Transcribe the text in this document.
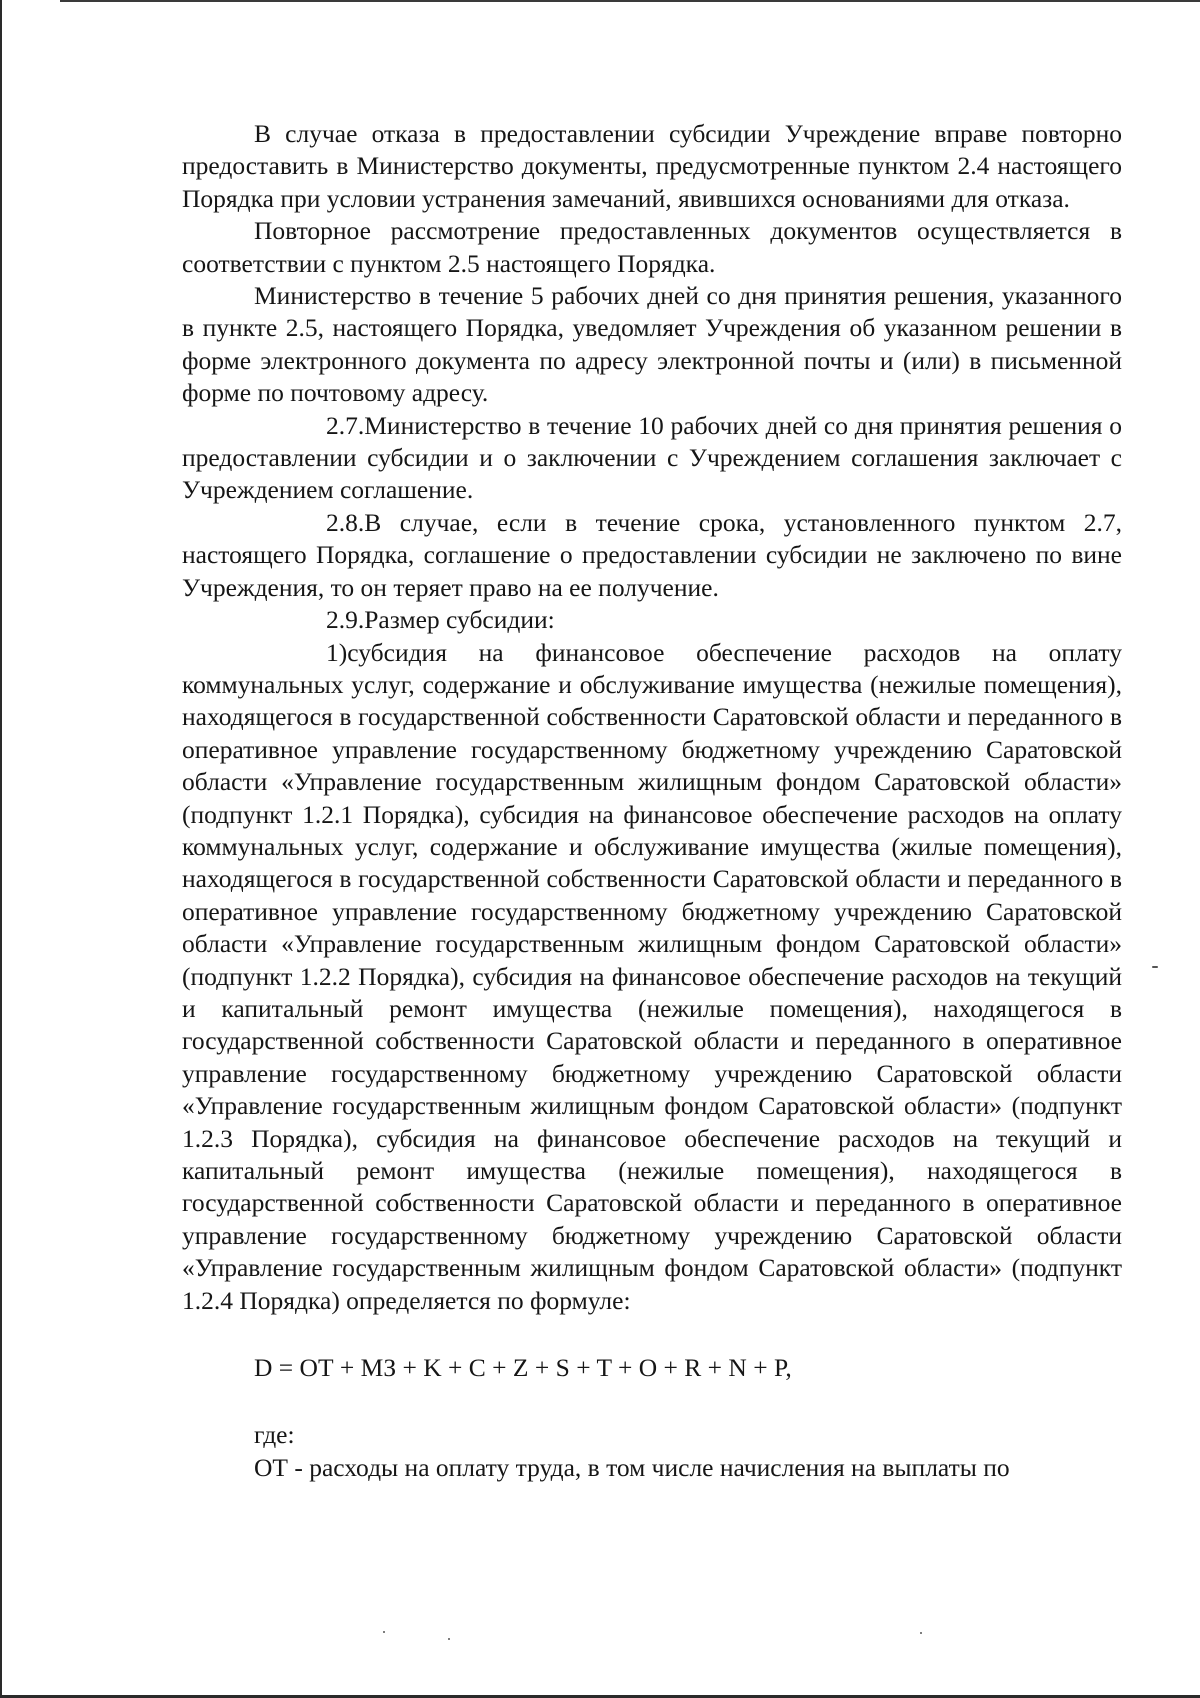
В случае отказа в предоставлении субсидии Учреждение вправе повторно предоставить в Министерство документы, предусмотренные пунктом 2.4 настоящего Порядка при условии устранения замечаний, явившихся основаниями для отказа.

Повторное рассмотрение предоставленных документов осуществляется в соответствии с пунктом 2.5 настоящего Порядка.

Министерство в течение 5 рабочих дней со дня принятия решения, указанного в пункте 2.5, настоящего Порядка, уведомляет Учреждения об указанном решении в форме электронного документа по адресу электронной почты и (или) в письменной форме по почтовому адресу.

2.7.Министерство в течение 10 рабочих дней со дня принятия решения о предоставлении субсидии и о заключении с Учреждением соглашения заключает с Учреждением соглашение.

2.8.В случае, если в течение срока, установленного пунктом 2.7, настоящего Порядка, соглашение о предоставлении субсидии не заключено по вине Учреждения, то он теряет право на ее получение.

2.9.Размер субсидии:

1)субсидия на финансовое обеспечение расходов на оплату коммунальных услуг, содержание и обслуживание имущества (нежилые помещения), находящегося в государственной собственности Саратовской области и переданного в оперативное управление государственному бюджетному учреждению Саратовской области «Управление государственным жилищным фондом Саратовской области» (подпункт 1.2.1 Порядка), субсидия на финансовое обеспечение расходов на оплату коммунальных услуг, содержание и обслуживание имущества (жилые помещения), находящегося в государственной собственности Саратовской области и переданного в оперативное управление государственному бюджетному учреждению Саратовской области «Управление государственным жилищным фондом Саратовской области» (подпункт 1.2.2 Порядка), субсидия на финансовое обеспечение расходов на текущий и капитальный ремонт имущества (нежилые помещения), находящегося в государственной собственности Саратовской области и переданного в оперативное управление государственному бюджетному учреждению Саратовской области «Управление государственным жилищным фондом Саратовской области» (подпункт 1.2.3 Порядка), субсидия на финансовое обеспечение расходов на текущий и капитальный ремонт имущества (нежилые помещения), находящегося в государственной собственности Саратовской области и переданного в оперативное управление государственному бюджетному учреждению Саратовской области «Управление государственным жилищным фондом Саратовской области» (подпункт 1.2.4 Порядка) определяется по формуле:

D = ОТ + МЗ + K + C + Z + S + T + O + R + N + P,

где:

ОТ - расходы на оплату труда, в том числе начисления на выплаты по
